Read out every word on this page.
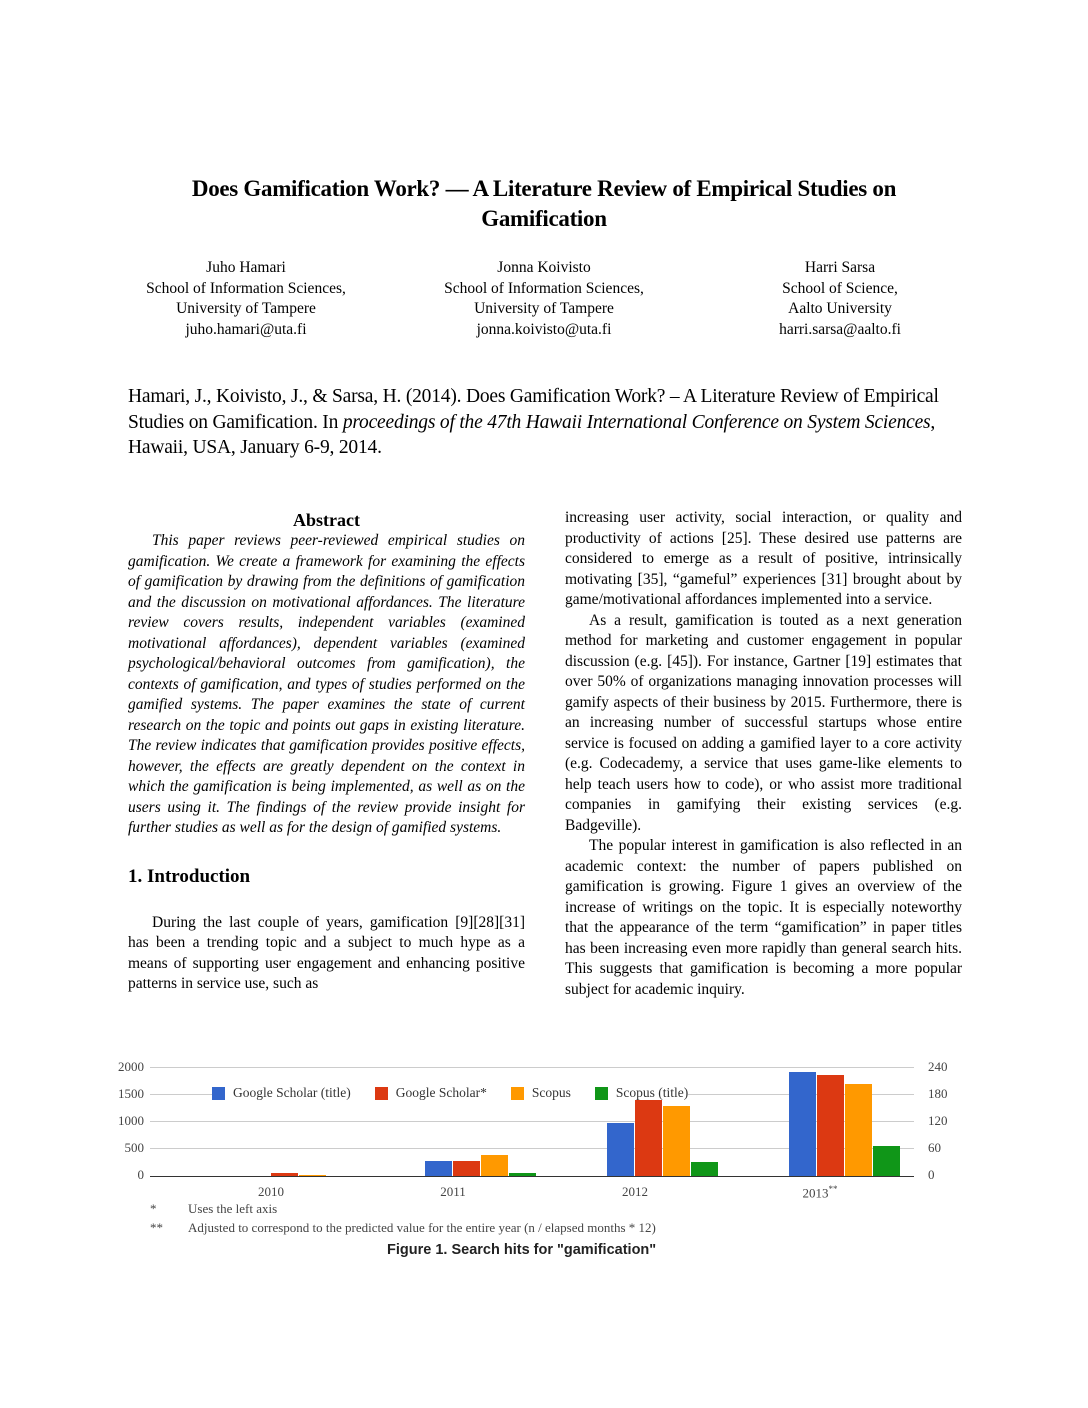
Does Gamification Work? — A Literature Review of Empirical Studies on
Gamification
Juho Hamari
School of Information Sciences,
University of Tampere
juho.hamari@uta.fi
Jonna Koivisto
School of Information Sciences,
University of Tampere
jonna.koivisto@uta.fi
Harri Sarsa
School of Science,
Aalto University
harri.sarsa@aalto.fi
Hamari, J., Koivisto, J., & Sarsa, H. (2014). Does Gamification Work? – A Literature Review of Empirical Studies on Gamification. In proceedings of the 47th Hawaii International Conference on System Sciences, Hawaii, USA, January 6-9, 2014.
Abstract

This paper reviews peer-reviewed empirical studies on gamification. We create a framework for examining the effects of gamification by drawing from the definitions of gamification and the discussion on motivational affordances. The literature review covers results, independent variables (examined motivational affordances), dependent variables (examined psychological/behavioral outcomes from gamification), the contexts of gamification, and types of studies performed on the gamified systems. The paper examines the state of current research on the topic and points out gaps in existing literature. The review indicates that gamification provides positive effects, however, the effects are greatly dependent on the context in which the gamification is being implemented, as well as on the users using it. The findings of the review provide insight for further studies as well as for the design of gamified systems.

1. Introduction

During the last couple of years, gamification [9][28][31] has been a trending topic and a subject to much hype as a means of supporting user engagement and enhancing positive patterns in service use, such as

increasing user activity, social interaction, or quality and productivity of actions [25]. These desired use patterns are considered to emerge as a result of positive, intrinsically motivating [35], “gameful” experiences [31] brought about by game/motivational affordances implemented into a service.

As a result, gamification is touted as a next generation method for marketing and customer engagement in popular discussion (e.g. [45]). For instance, Gartner [19] estimates that over 50% of organizations managing innovation processes will gamify aspects of their business by 2015. Furthermore, there is an increasing number of successful startups whose entire service is focused on adding a gamified layer to a core activity (e.g. Codecademy, a service that uses game-like elements to help teach users how to code), or who assist more traditional companies in gamifying their existing services (e.g. Badgeville).

The popular interest in gamification is also reflected in an academic context: the number of papers published on gamification is growing. Figure 1 gives an overview of the increase of writings on the topic. It is especially noteworthy that the appearance of the term “gamification” in paper titles has been increasing even more rapidly than general search hits. This suggests that gamification is becoming a more popular subject for academic inquiry.

2000
1500
1000
500
0
240
180
120
60
0
Google Scholar (title)	Google Scholar*	Scopus	Scopus (title)
2010	2011	2012	2013**
*	Uses the left axis
**	Adjusted to correspond to the predicted value for the entire year (n / elapsed months * 12)
Figure 1. Search hits for "gamification"
